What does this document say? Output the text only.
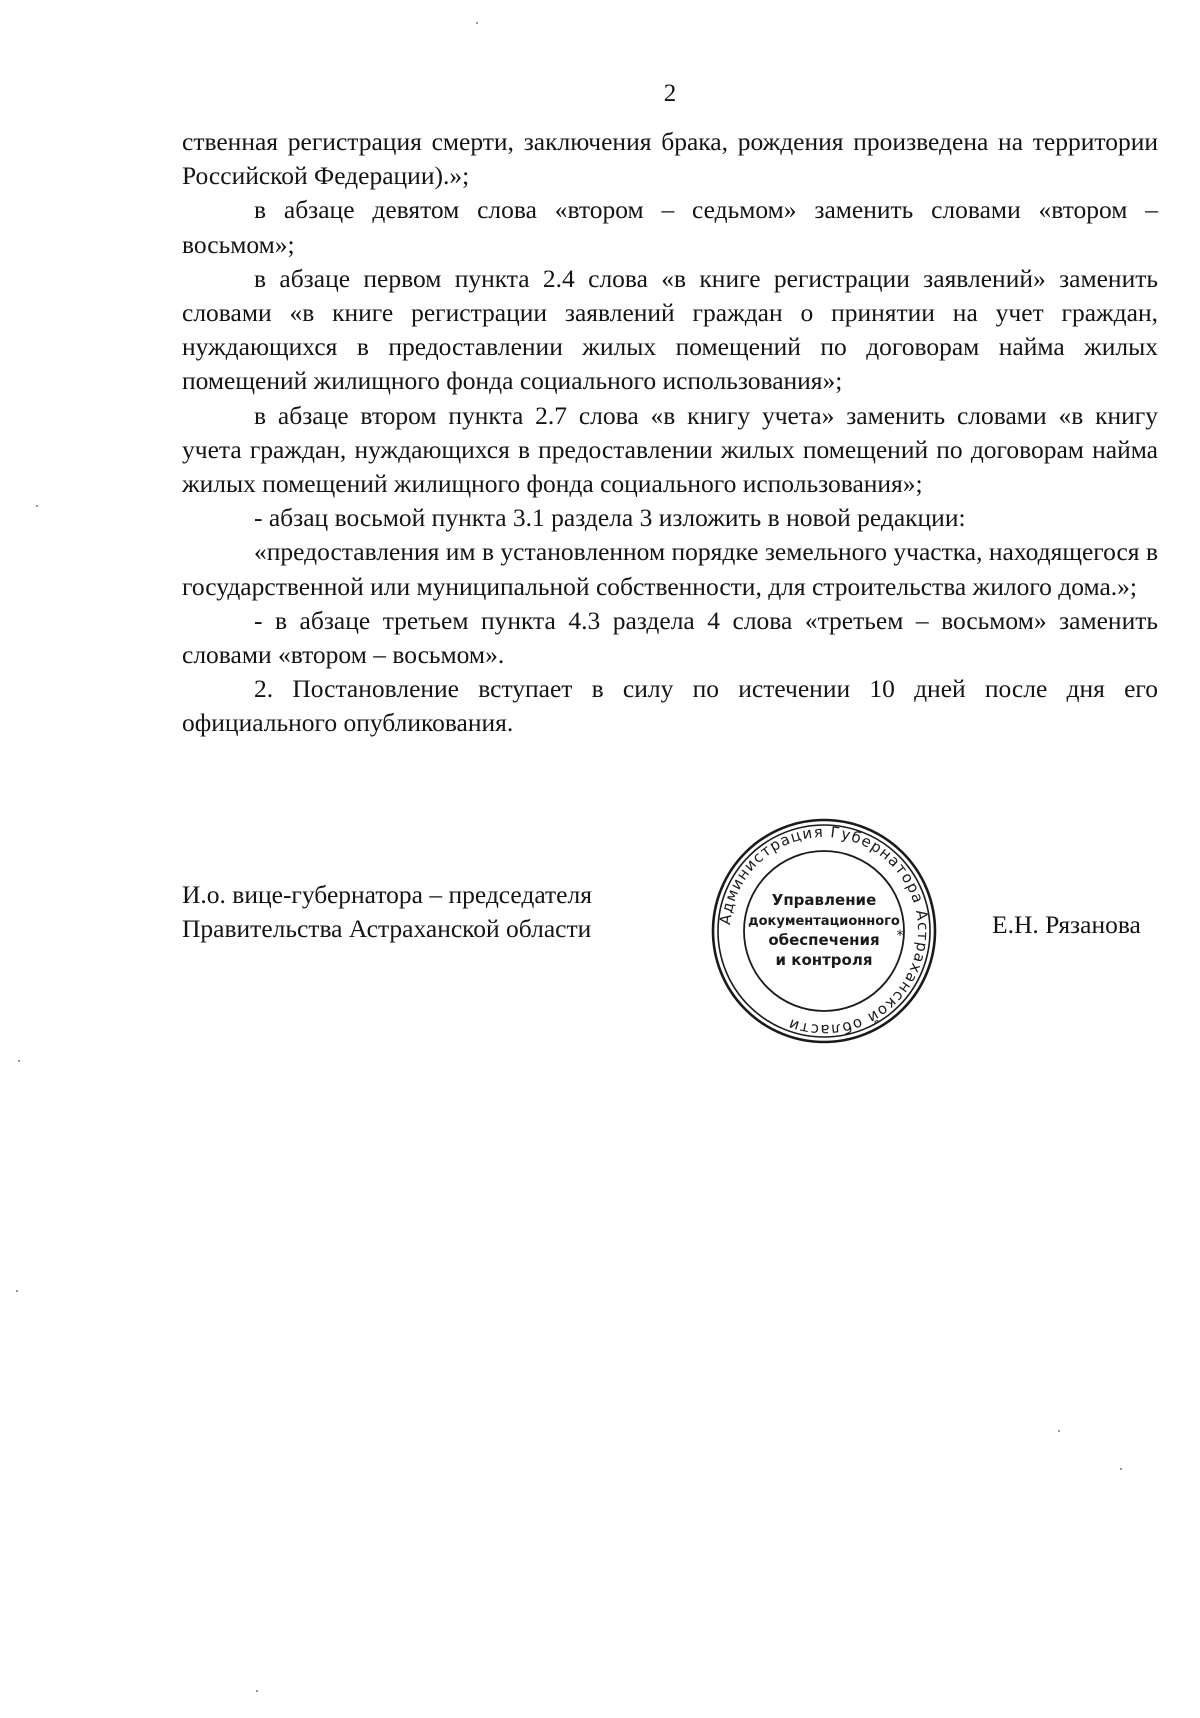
2

ственная регистрация смерти, заключения брака, рождения произведена на территории Российской Федерации).»;

в абзаце девятом слова «втором – седьмом» заменить словами «втором – восьмом»;

в абзаце первом пункта 2.4 слова «в книге регистрации заявлений» заменить словами «в книге регистрации заявлений граждан о принятии на учет граждан, нуждающихся в предоставлении жилых помещений по договорам найма жилых помещений жилищного фонда социального использования»;

в абзаце втором пункта 2.7 слова «в книгу учета» заменить словами «в книгу учета граждан, нуждающихся в предоставлении жилых помещений по договорам найма жилых помещений жилищного фонда социального использования»;

- абзац восьмой пункта 3.1 раздела 3 изложить в новой редакции:

«предоставления им в установленном порядке земельного участка, находящегося в государственной или муниципальной собственности, для строительства жилого дома.»;

- в абзаце третьем пункта 4.3 раздела 4 слова «третьем – восьмом» заменить словами «втором – восьмом».

2. Постановление вступает в силу по истечении 10 дней после дня его официального опубликования.

И.о. вице-губернатора – председателя
Правительства Астраханской области	Е.Н. Рязанова
Администрация Губернатора Астраханской области
*
Управление
документационного
обеспечения
и контроля
